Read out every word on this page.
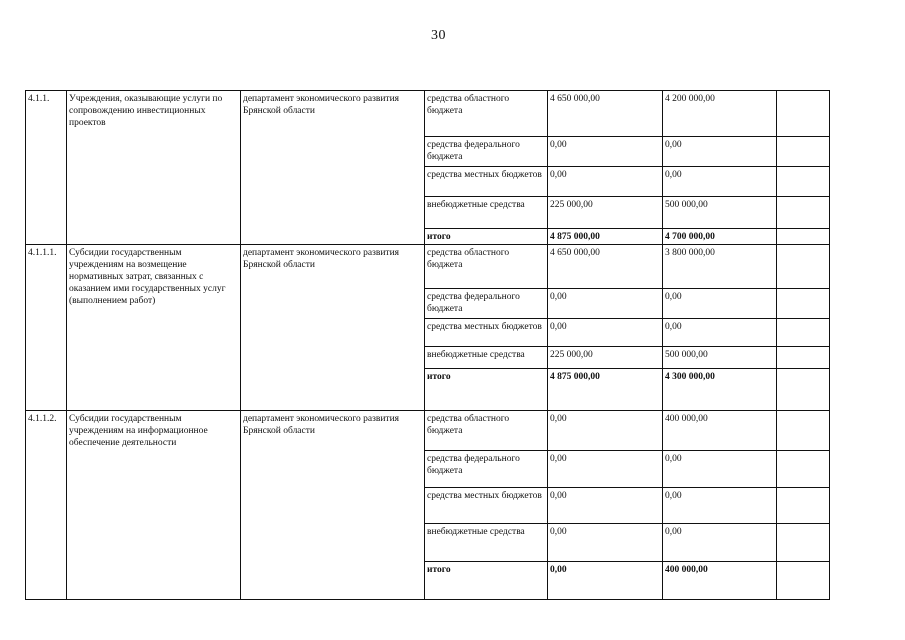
30
4.1.1.	Учреждения, оказывающие услуги по сопровождению инвестиционных проектов	департамент экономического развития Брянской области	средства областного бюджета	4 650 000,00	4 200 000,00	
			средства федерального бюджета	0,00	0,00	
			средства местных бюджетов	0,00	0,00	
			внебюджетные средства	225 000,00	500 000,00	
			итого	4 875 000,00	4 700 000,00	
4.1.1.1.	Субсидии государственным учреждениям на возмещение нормативных затрат, связанных с оказанием ими государственных услуг (выполнением работ)	департамент экономического развития Брянской области	средства областного бюджета	4 650 000,00	3 800 000,00	
			средства федерального бюджета	0,00	0,00	
			средства местных бюджетов	0,00	0,00	
			внебюджетные средства	225 000,00	500 000,00	
			итого	4 875 000,00	4 300 000,00	
4.1.1.2.	Субсидии государственным учреждениям на информационное обеспечение деятельности	департамент экономического развития Брянской области	средства областного бюджета	0,00	400 000,00	
			средства федерального бюджета	0,00	0,00	
			средства местных бюджетов	0,00	0,00	
			внебюджетные средства	0,00	0,00	
			итого	0,00	400 000,00	
